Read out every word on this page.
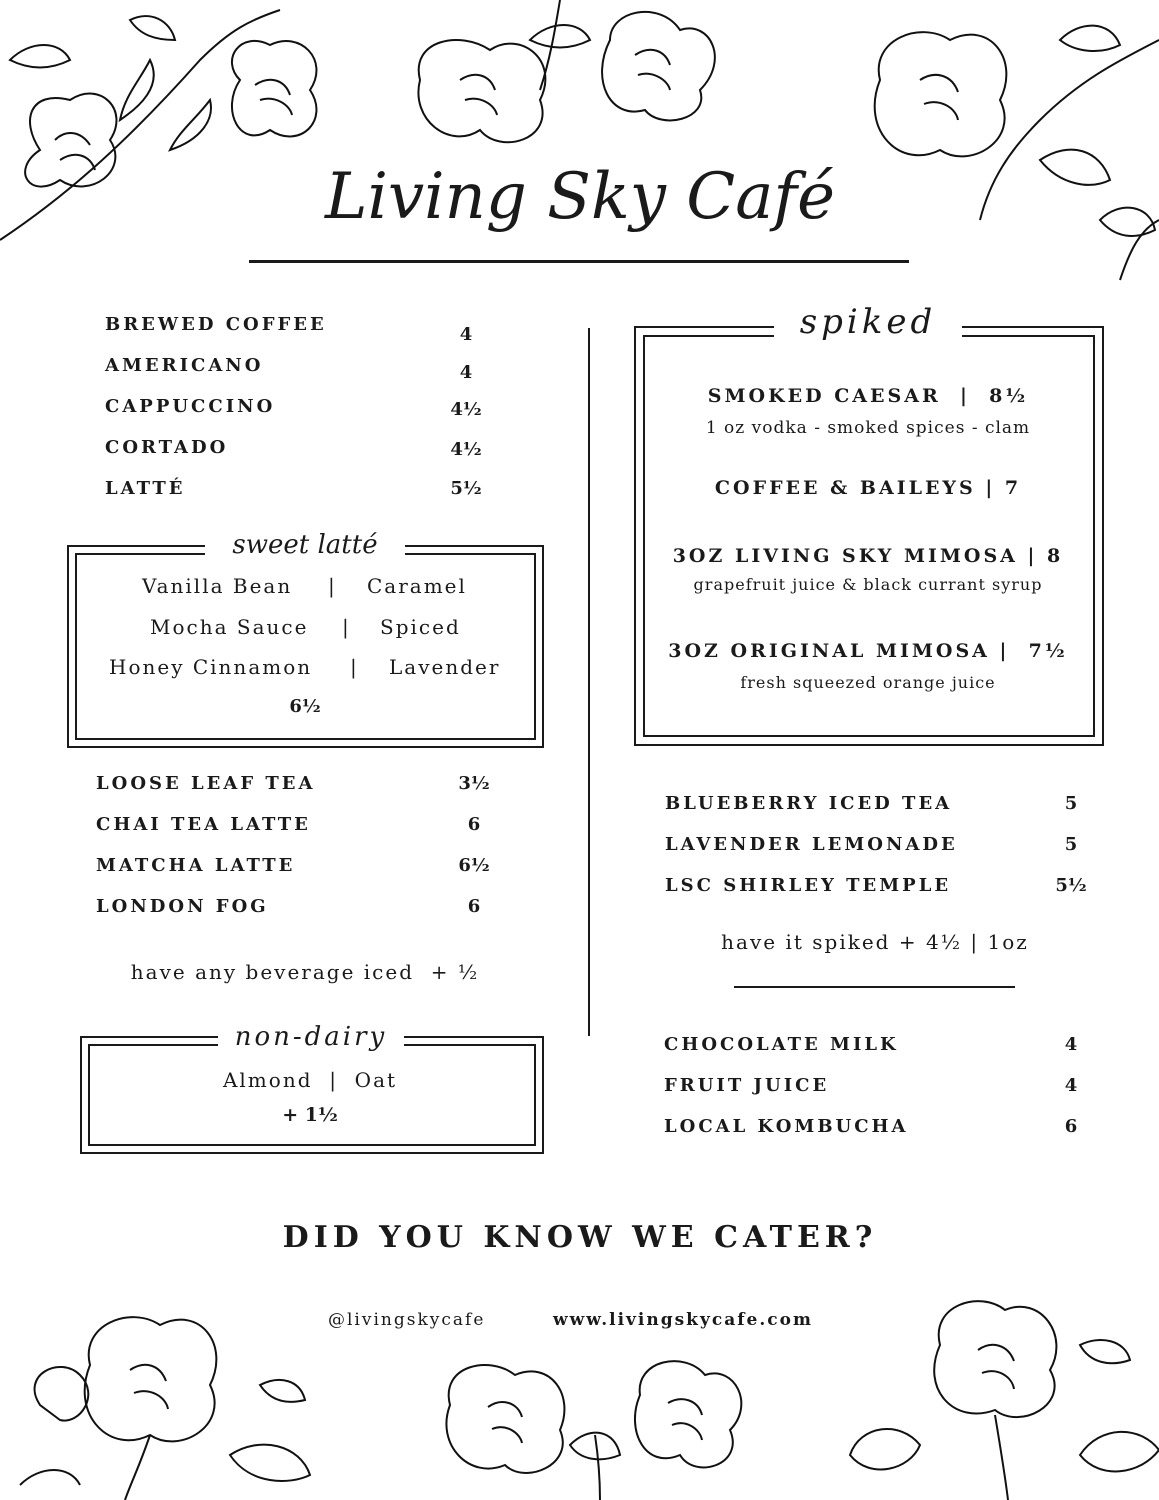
Living Sky Café
BREWED COFFEE	4
AMERICANO	4
CAPPUCCINO	4½
CORTADO	4½
LATTÉ	5½
sweet latté
Vanilla Bean | Caramel
Mocha Sauce | Spiced
Honey Cinnamon | Lavender
6½
LOOSE LEAF TEA	3½
CHAI TEA LATTE	6
MATCHA LATTE	6½
LONDON FOG	6
have any beverage iced  + ½
non-dairy
Almond  |  Oat
+ 1½
spiked
SMOKED CAESAR  |  8½
1 oz vodka - smoked spices - clam
COFFEE & BAILEYS | 7
3OZ LIVING SKY MIMOSA | 8
grapefruit juice & black currant syrup
3OZ ORIGINAL MIMOSA |  7½
fresh squeezed orange juice
BLUEBERRY ICED TEA	5
LAVENDER LEMONADE	5
LSC SHIRLEY TEMPLE	5½
have it spiked + 4½ | 1oz
CHOCOLATE MILK	4
FRUIT JUICE	4
LOCAL KOMBUCHA	6
DID YOU KNOW WE CATER?
@livingskycafe	www.livingskycafe.com
